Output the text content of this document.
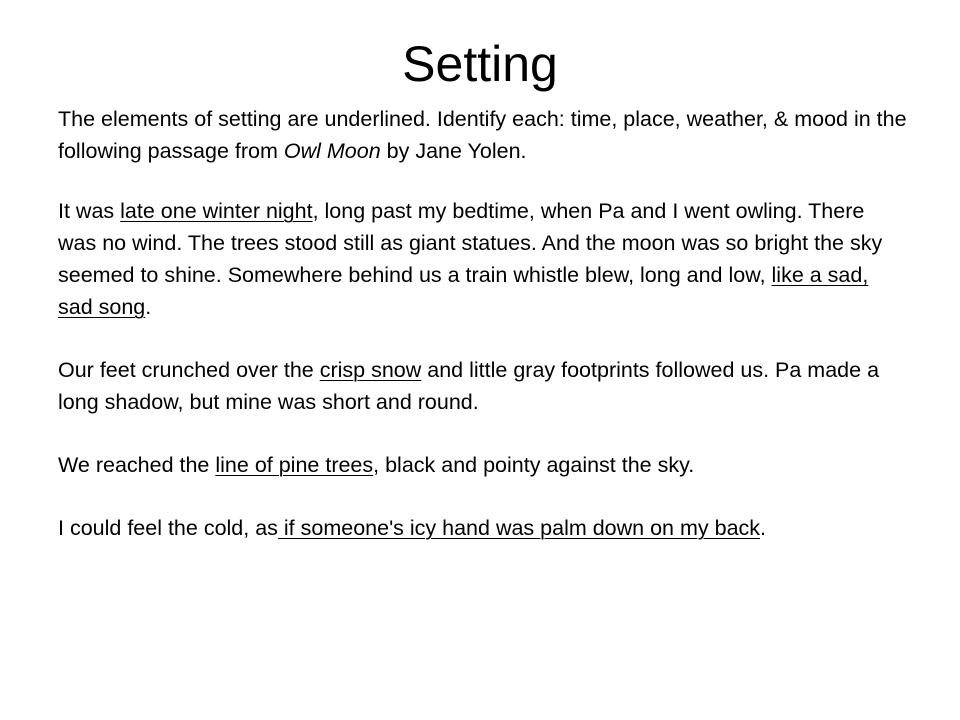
Setting

The elements of setting are underlined. Identify each: time, place, weather, & mood in the following passage from Owl Moon by Jane Yolen.

It was late one winter night, long past my bedtime, when Pa and I went owling. There was no wind. The trees stood still as giant statues. And the moon was so bright the sky seemed to shine. Somewhere behind us a train whistle blew, long and low, like a sad, sad song.

Our feet crunched over the crisp snow and little gray footprints followed us. Pa made a long shadow, but mine was short and round.

We reached the line of pine trees, black and pointy against the sky.

I could feel the cold, as if someone's icy hand was palm down on my back.
